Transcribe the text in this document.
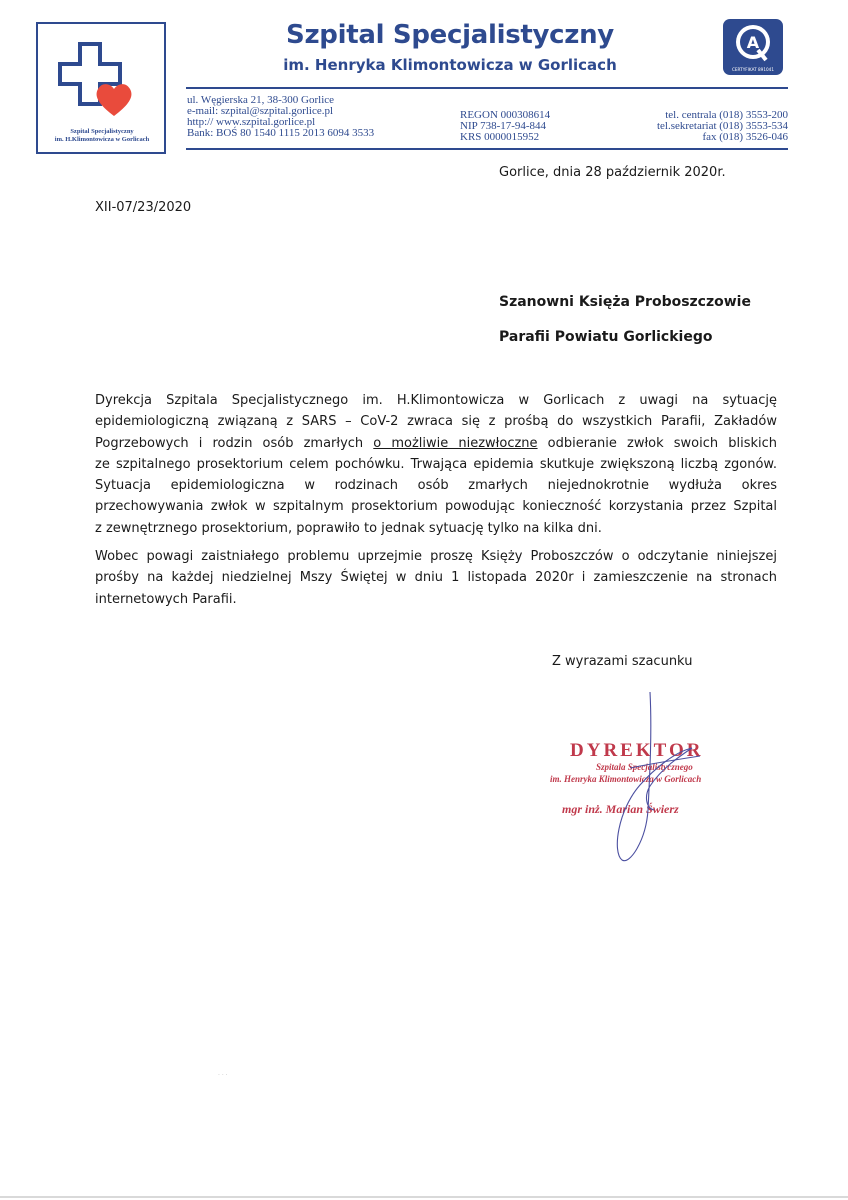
Szpital Specjalistyczny
im. H.Klimontowicza w Gorlicach
Szpital Specjalistyczny
im. Henryka Klimontowicza w Gorlicach
A
CERTYFIKAT 891041
ul. Węgierska 21, 38-300 Gorlice
e-mail: szpital@szpital.gorlice.pl
http:// www.szpital.gorlice.pl
Bank: BOŚ 80 1540 1115 2013 6094 3533
REGON 000308614
NIP 738-17-94-844
KRS 0000015952
tel. centrala (018) 3553-200
tel.sekretariat (018) 3553-534
fax (018) 3526-046
Gorlice, dnia 28 październik 2020r.
XII-07/23/2020
Szanowni Księża Proboszczowie
Parafii Powiatu Gorlickiego
Dyrekcja Szpitala Specjalistycznego im. H.Klimontowicza w Gorlicach z uwagi na sytuację
epidemiologiczną związaną z SARS – CoV-2 zwraca się z prośbą do wszystkich Parafii, Zakładów
Pogrzebowych i rodzin osób zmarłych o możliwie niezwłoczne odbieranie zwłok swoich bliskich
ze szpitalnego prosektorium celem pochówku. Trwająca epidemia skutkuje zwiększoną liczbą zgonów.
Sytuacja epidemiologiczna w rodzinach osób zmarłych niejednokrotnie wydłuża okres
przechowywania zwłok w szpitalnym prosektorium powodując konieczność korzystania przez Szpital
z zewnętrznego prosektorium, poprawiło to jednak sytuację tylko na kilka dni.
Wobec powagi zaistniałego problemu uprzejmie proszę Księży Proboszczów o odczytanie niniejszej
prośby na każdej niedzielnej Mszy Świętej w dniu 1 listopada 2020r i zamieszczenie na stronach
internetowych Parafii.
Z wyrazami szacunku
DYREKTOR
Szpitala Specjalistycznego
im. Henryka Klimontowicza w Gorlicach
mgr inż. Marian Świerz
· · ·
